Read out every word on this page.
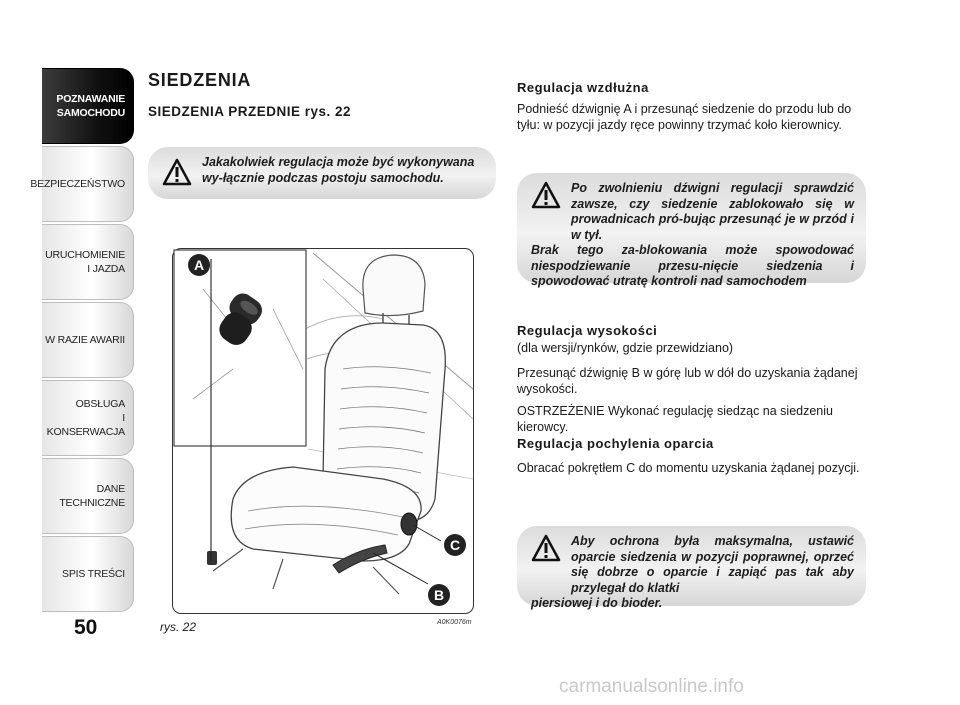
POZNAWANIE
SAMOCHODU
BEZPIECZEŃSTWO
URUCHOMIENIE
I JAZDA
W RAZIE AWARII
OBSŁUGA
I KONSERWACJA
DANE
TECHNICZNE
SPIS TREŚCI
50
SIEDZENIA
SIEDZENIA PRZEDNIE rys. 22
Jakakolwiek regulacja może być wykonywana wy-łącznie podczas postoju samochodu.
A
C
B
rys. 22	A0K0076m
Regulacja wzdłużna
Podnieść dźwignię A i przesunąć siedzenie do przodu lub do tyłu: w pozycji jazdy ręce powinny trzymać koło kierownicy.
Po zwolnieniu dźwigni regulacji sprawdzić zawsze, czy siedzenie zablokowało się w prowadnicach pró-bując przesunąć je w przód i w tył.
Brak tego za-blokowania może spowodować niespodziewanie przesu-nięcie siedzenia i spowodować utratę kontroli nad samochodem
Regulacja wysokości
(dla wersji/rynków, gdzie przewidziano)
Przesunąć dźwignię B w górę lub w dół do uzyskania żądanej wysokości.
OSTRZEŻENIE Wykonać regulację siedząc na siedzeniu kierowcy.
Regulacja pochylenia oparcia
Obracać pokrętłem C do momentu uzyskania żądanej pozycji.
Aby ochrona była maksymalna, ustawić oparcie siedzenia w pozycji poprawnej, oprzeć się dobrze o oparcie i zapiąć pas tak aby przylegał do klatki
piersiowej i do bioder.
carmanualsonline.info
